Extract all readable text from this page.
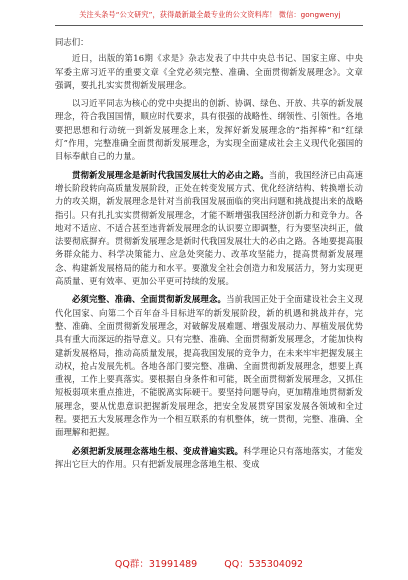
关注头条号“公文研究”，获得最新最全最专业的公文资料库！ 微信：gongwenyj

同志们：

近日，出版的第16期《求是》杂志发表了中共中央总书记、国家主席、中央军委主席习近平的重要文章《全党必须完整、准确、全面贯彻新发展理念》。文章强调，要扎扎实实贯彻新发展理念。

以习近平同志为核心的党中央提出的创新、协调、绿色、开放、共享的新发展理念，符合我国国情，顺应时代要求，具有很强的战略性、纲领性、引领性。各地要把思想和行动统一到新发展理念上来，发挥好新发展理念的“指挥棒”和“红绿灯”作用，完整准确全面贯彻新发展理念，为实现全面建成社会主义现代化强国的目标奉献自己的力量。

贯彻新发展理念是新时代我国发展壮大的必由之路。当前，我国经济已由高速增长阶段转向高质量发展阶段，正处在转变发展方式、优化经济结构、转换增长动力的攻关期，新发展理念是针对当前我国发展面临的突出问题和挑战提出来的战略指引。只有扎扎实实贯彻新发展理念，才能不断增强我国经济创新力和竞争力。各地对不适应、不适合甚至违背新发展理念的认识要立即调整，行为要坚决纠正，做法要彻底摒弃。贯彻新发展理念是新时代我国发展壮大的必由之路。各地要提高服务群众能力、科学决策能力、应急处突能力、改革攻坚能力，提高贯彻新发展理念、构建新发展格局的能力和水平。要激发全社会创造力和发展活力，努力实现更高质量、更有效率、更加公平更可持续的发展。

必须完整、准确、全面贯彻新发展理念。当前我国正处于全面建设社会主义现代化国家、向第二个百年奋斗目标进军的新发展阶段，新的机遇和挑战并存，完整、准确、全面贯彻新发展理念，对破解发展难题、增强发展动力、厚植发展优势具有重大而深远的指导意义。只有完整、准确、全面贯彻新发展理念，才能加快构建新发展格局，推动高质量发展，提高我国发展的竞争力，在未来牢牢把握发展主动权，抢占发展先机。各地各部门要完整、准确、全面贯彻新发展理念，想要上真重视，工作上要真落实。要根据自身条件和可能，既全面贯彻新发展理念，又抓住短板弱项来重点推进，不能脱离实际硬干。要坚持问题导向，更加精准地贯彻新发展理念，要从忧患意识把握新发展理念，把安全发展贯穿国家发展各领域和全过程。要把五大发展理念作为一个相互联系的有机整体，统一贯彻，完整、准确、全面理解和把握。

必须把新发展理念落地生根、变成普遍实践。科学理论只有落地落实，才能发挥出它巨大的作用。只有把新发展理念落地生根、变成

QQ群：31991489	QQ：535304092
